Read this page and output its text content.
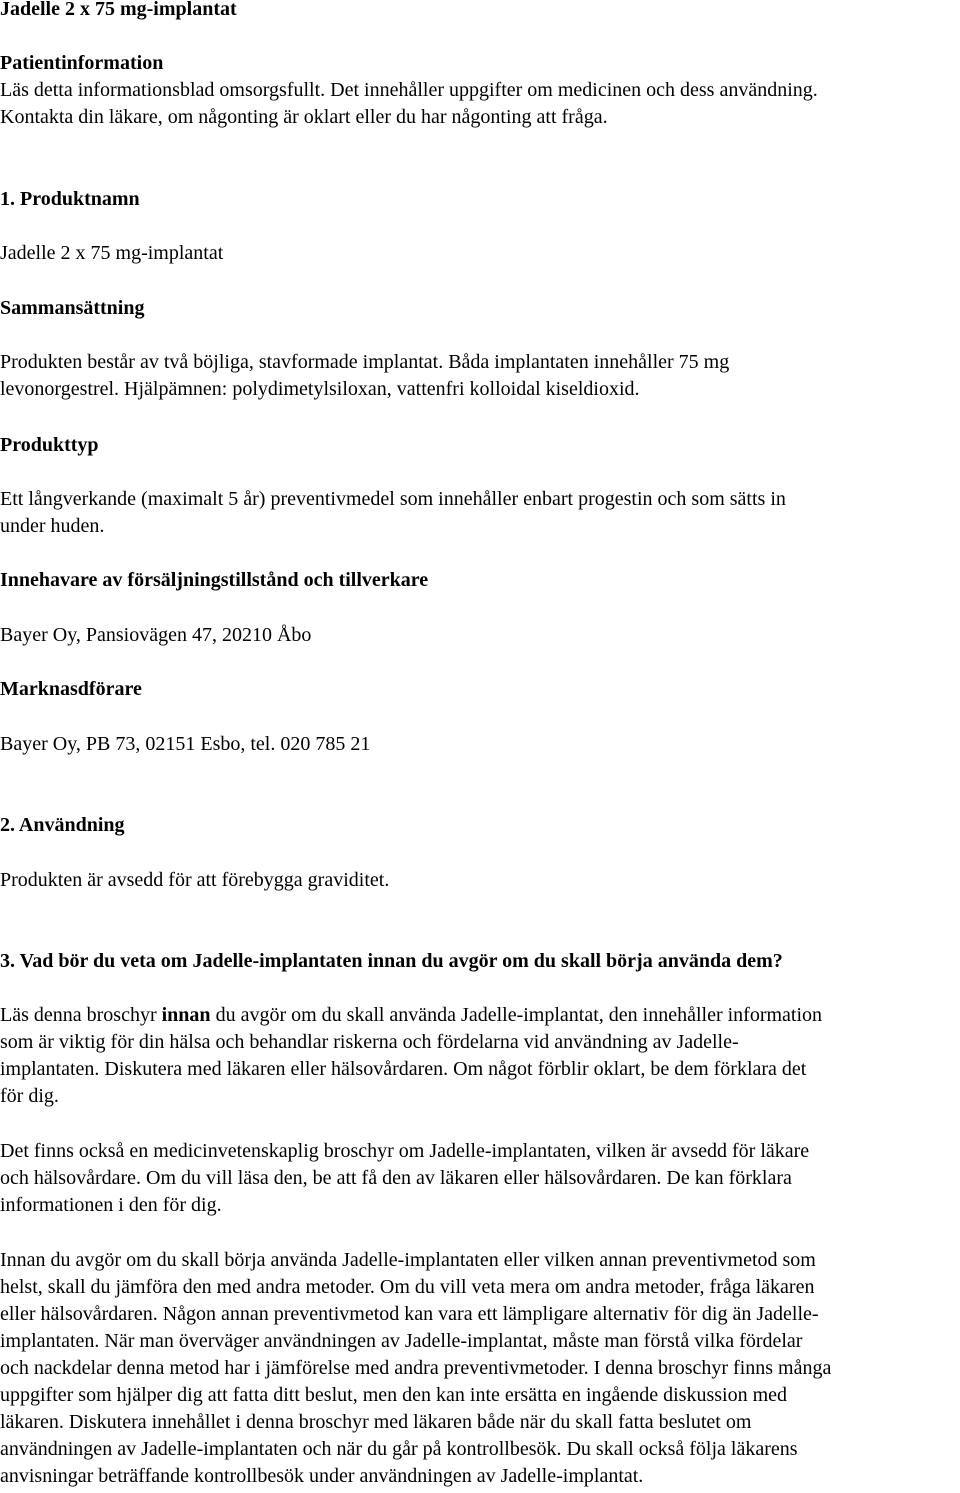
Jadelle 2 x 75 mg-implantat
Patientinformation
Läs detta informationsblad omsorgsfullt. Det innehåller uppgifter om medicinen och dess användning.
Kontakta din läkare, om någonting är oklart eller du har någonting att fråga.
1. Produktnamn
Jadelle 2 x 75 mg-implantat
Sammansättning
Produkten består av två böjliga, stavformade implantat. Båda implantaten innehåller 75 mg
levonorgestrel. Hjälpämnen: polydimetylsiloxan, vattenfri kolloidal kiseldioxid.
Produkttyp
Ett långverkande (maximalt 5 år) preventivmedel som innehåller enbart progestin och som sätts in
under huden.
Innehavare av försäljningstillstånd och tillverkare
Bayer Oy, Pansiovägen 47, 20210 Åbo
Marknasdförare
Bayer Oy, PB 73, 02151 Esbo, tel. 020 785 21
2. Användning
Produkten är avsedd för att förebygga graviditet.
3. Vad bör du veta om Jadelle-implantaten innan du avgör om du skall börja använda dem?
Läs denna broschyr innan du avgör om du skall använda Jadelle-implantat, den innehåller information
som är viktig för din hälsa och behandlar riskerna och fördelarna vid användning av Jadelle-
implantaten. Diskutera med läkaren eller hälsovårdaren. Om något förblir oklart, be dem förklara det
för dig.
Det finns också en medicinvetenskaplig broschyr om Jadelle-implantaten, vilken är avsedd för läkare
och hälsovårdare. Om du vill läsa den, be att få den av läkaren eller hälsovårdaren. De kan förklara
informationen i den för dig.
Innan du avgör om du skall börja använda Jadelle-implantaten eller vilken annan preventivmetod som
helst, skall du jämföra den med andra metoder. Om du vill veta mera om andra metoder, fråga läkaren
eller hälsovårdaren. Någon annan preventivmetod kan vara ett lämpligare alternativ för dig än Jadelle-
implantaten. När man överväger användningen av Jadelle-implantat, måste man förstå vilka fördelar
och nackdelar denna metod har i jämförelse med andra preventivmetoder. I denna broschyr finns många
uppgifter som hjälper dig att fatta ditt beslut, men den kan inte ersätta en ingående diskussion med
läkaren. Diskutera innehållet i denna broschyr med läkaren både när du skall fatta beslutet om
användningen av Jadelle-implantaten och när du går på kontrollbesök. Du skall också följa läkarens
anvisningar beträffande kontrollbesök under användningen av Jadelle-implantat.
